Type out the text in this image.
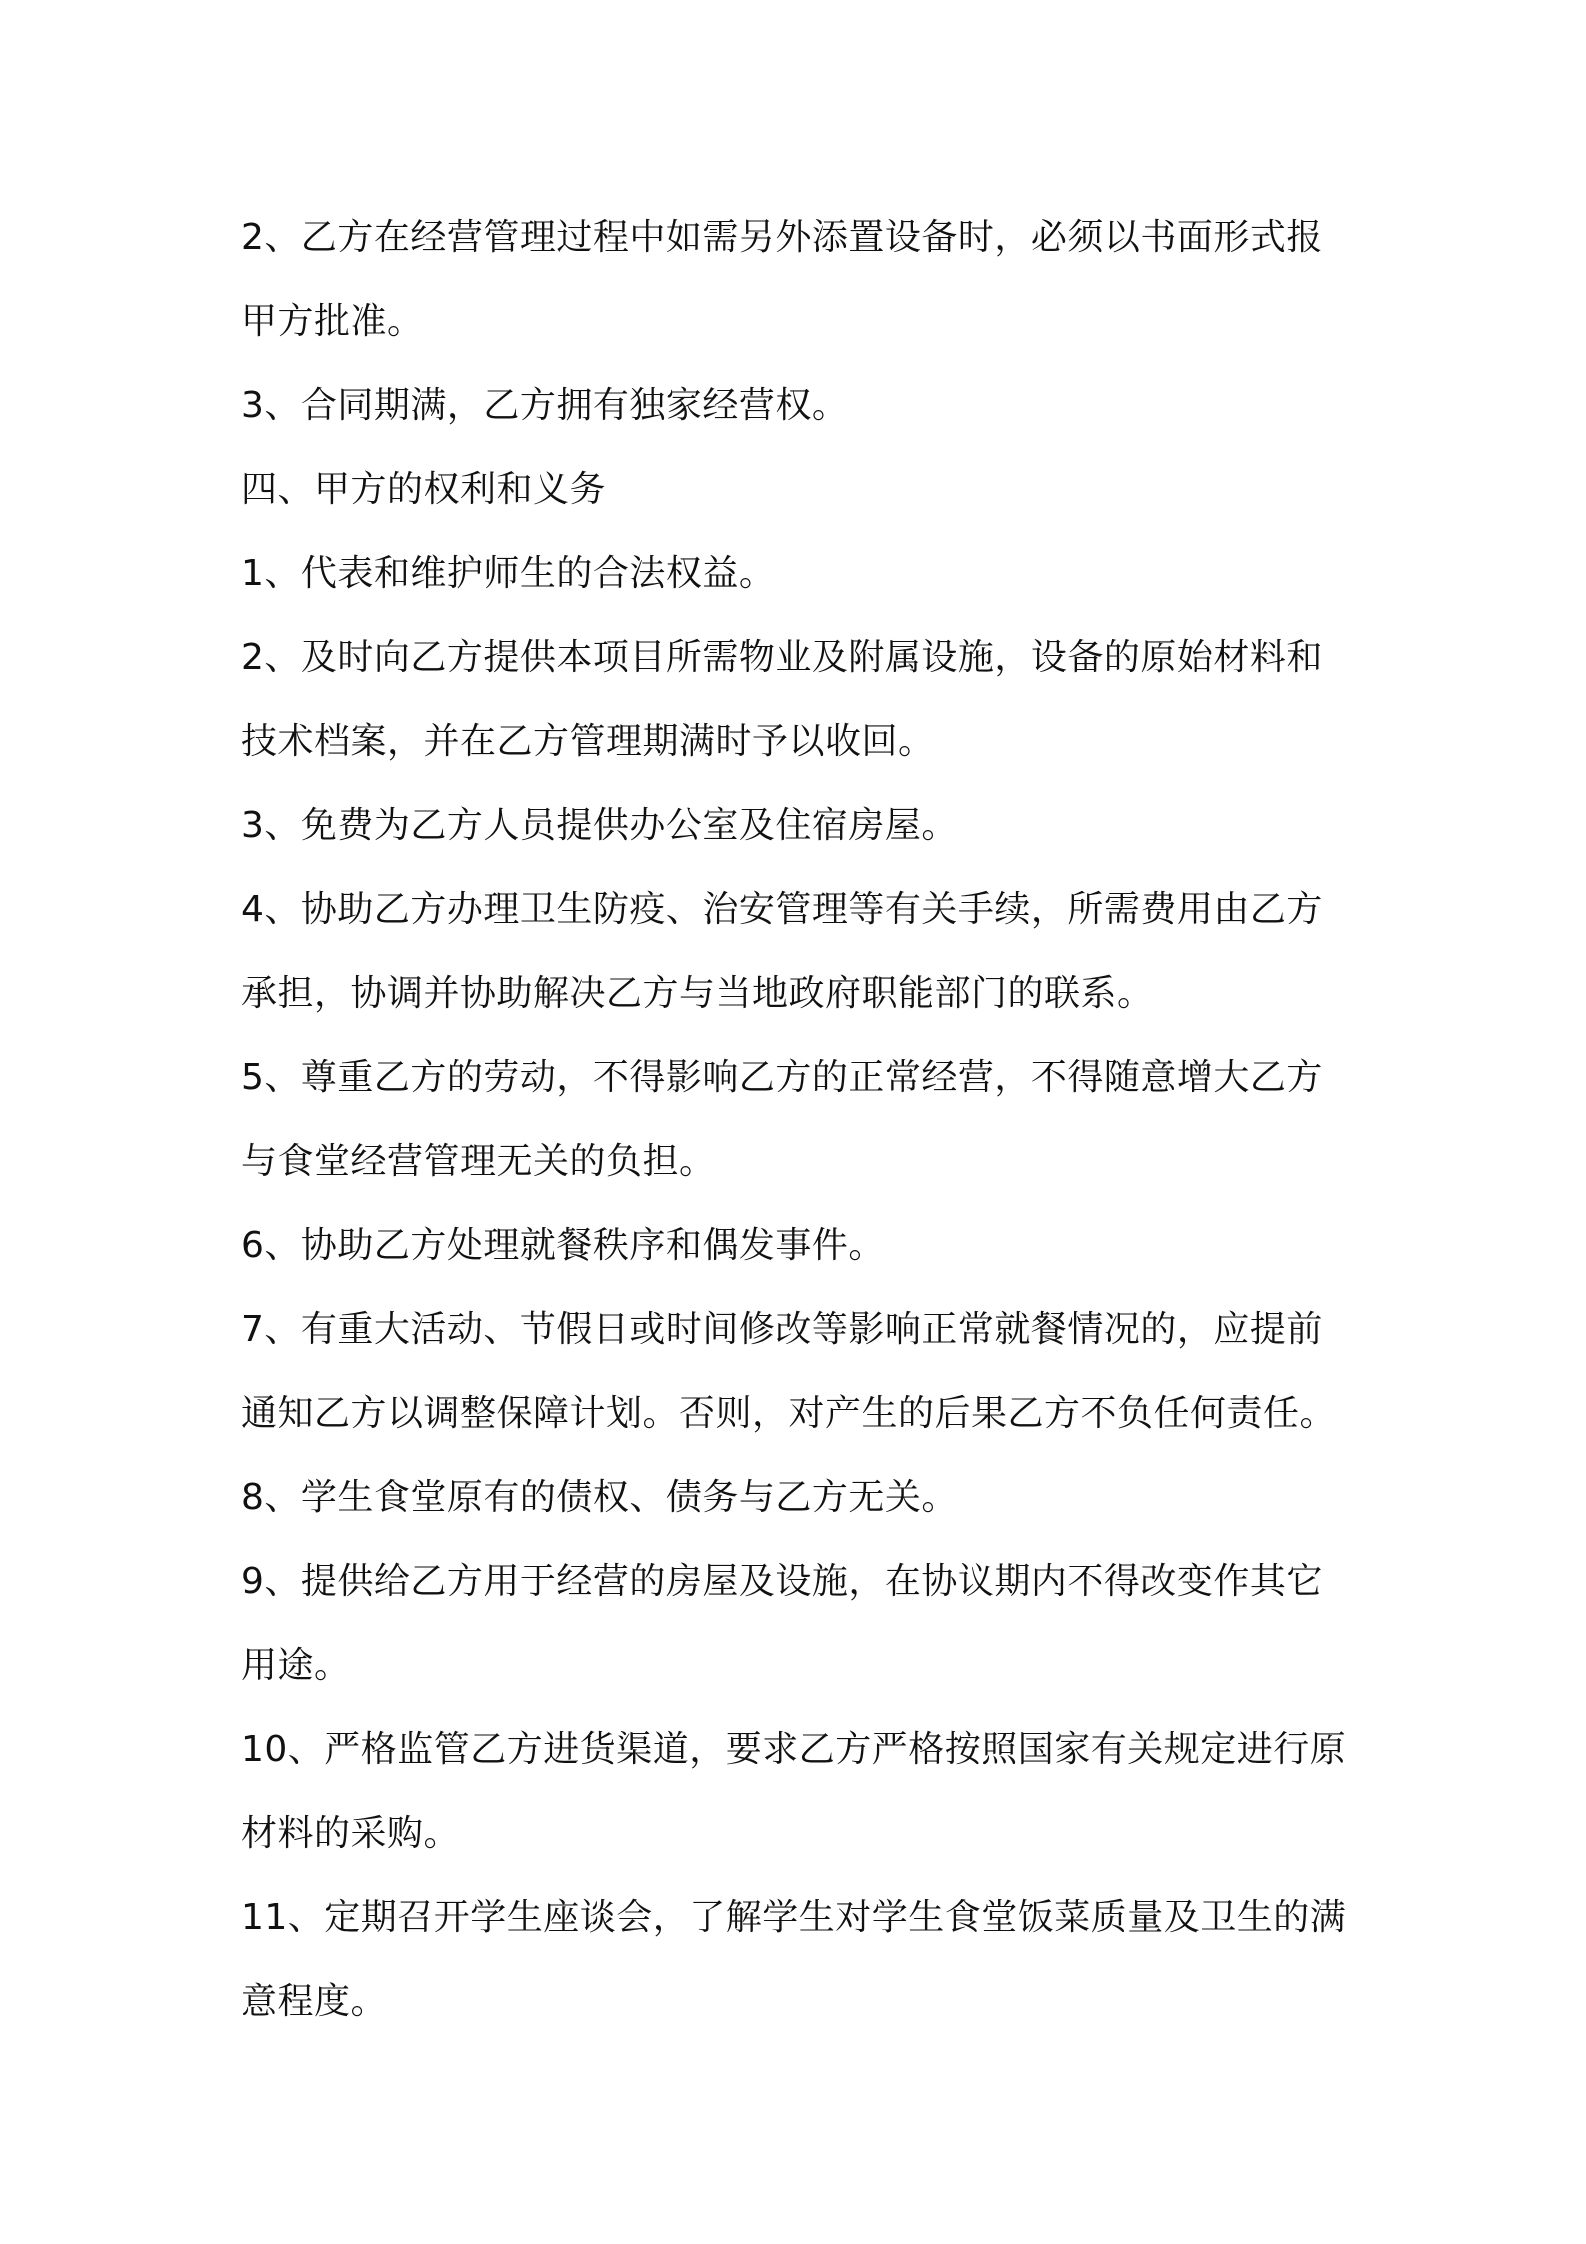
2、乙方在经营管理过程中如需另外添置设备时，必须以书面形式报
甲方批准。
3、合同期满，乙方拥有独家经营权。
四、甲方的权利和义务
1、代表和维护师生的合法权益。
2、及时向乙方提供本项目所需物业及附属设施，设备的原始材料和
技术档案，并在乙方管理期满时予以收回。
3、免费为乙方人员提供办公室及住宿房屋。
4、协助乙方办理卫生防疫、治安管理等有关手续，所需费用由乙方
承担，协调并协助解决乙方与当地政府职能部门的联系。
5、尊重乙方的劳动，不得影响乙方的正常经营，不得随意增大乙方
与食堂经营管理无关的负担。
6、协助乙方处理就餐秩序和偶发事件。
7、有重大活动、节假日或时间修改等影响正常就餐情况的，应提前
通知乙方以调整保障计划。否则，对产生的后果乙方不负任何责任。
8、学生食堂原有的债权、债务与乙方无关。
9、提供给乙方用于经营的房屋及设施，在协议期内不得改变作其它
用途。
10、严格监管乙方进货渠道，要求乙方严格按照国家有关规定进行原
材料的采购。
11、定期召开学生座谈会，了解学生对学生食堂饭菜质量及卫生的满
意程度。
